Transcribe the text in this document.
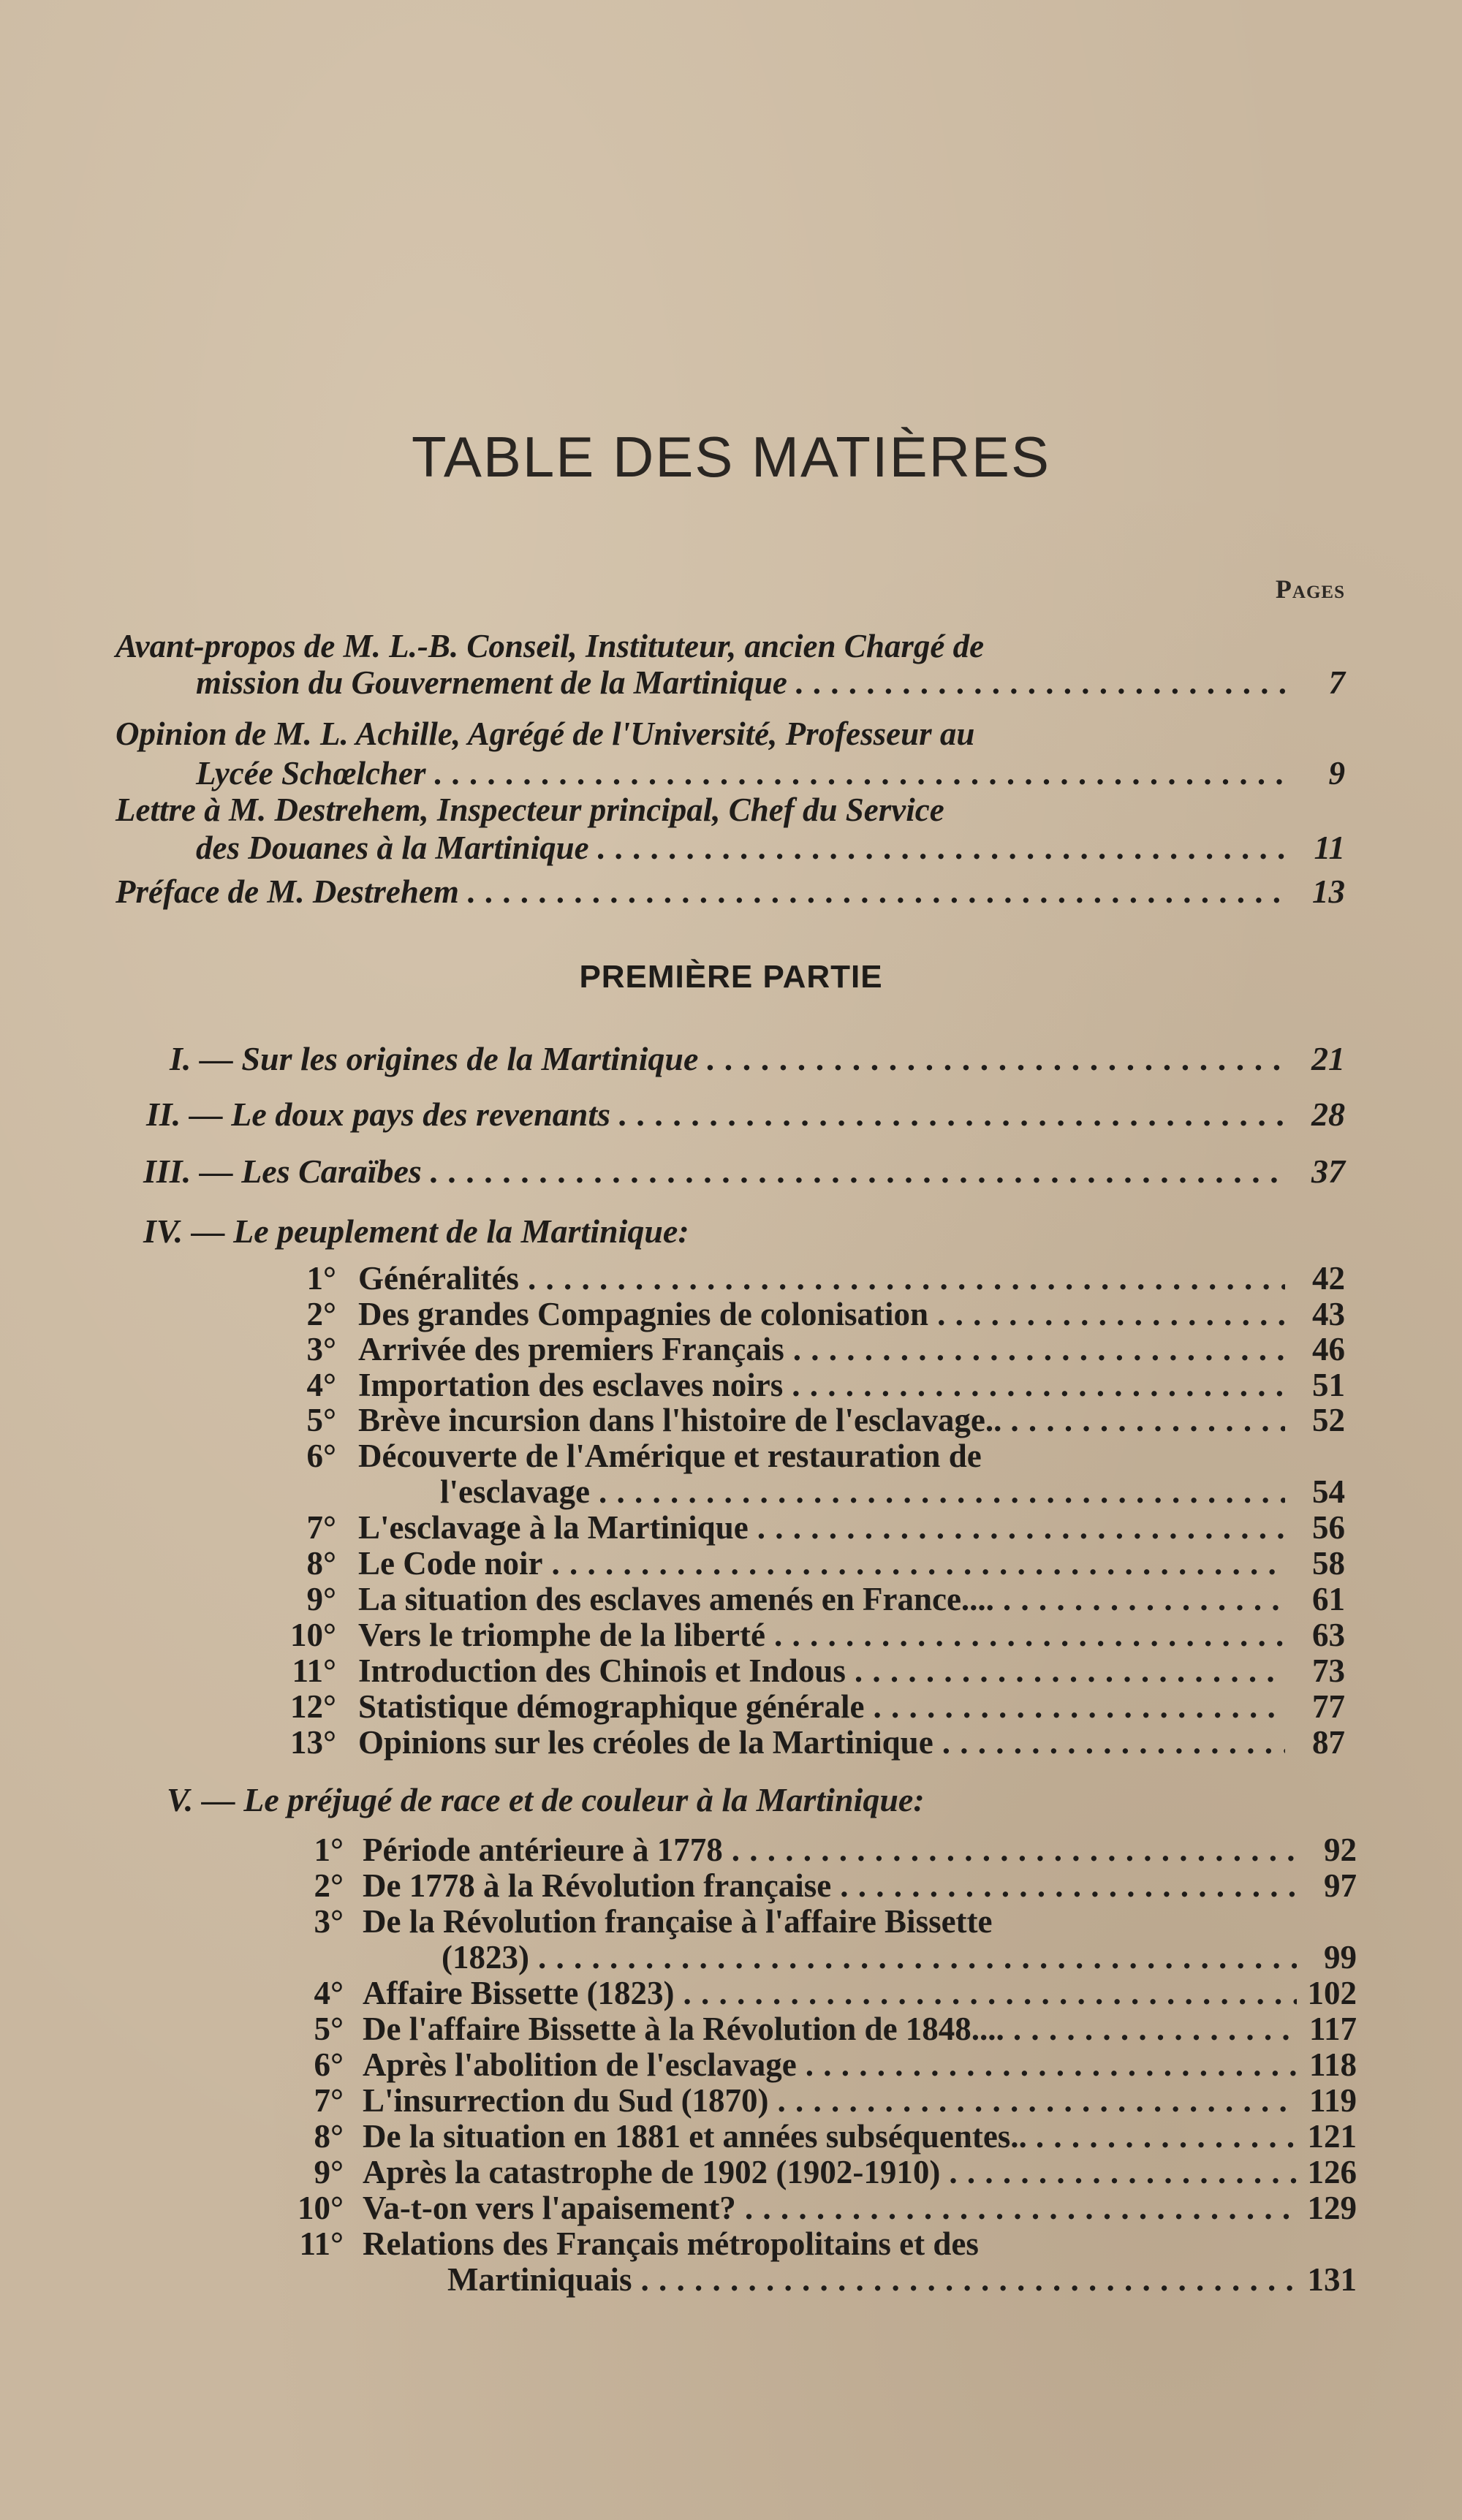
TABLE DES MATIÈRES
Pages
Avant-propos de M. L.-B. Conseil, Instituteur, ancien Chargé de
mission du Gouvernement de la Martinique . . .	7
Opinion de M. L. Achille, Agrégé de l'Université, Professeur au
Lycée Schœlcher . . .	9
Lettre à M. Destrehem, Inspecteur principal, Chef du Service
des Douanes à la Martinique . . .	11
Préface de M. Destrehem . . .	13
PREMIÈRE PARTIE
I. — Sur les origines de la Martinique . . .	21
II. — Le doux pays des revenants . . .	28
III. — Les Caraïbes . . .	37
IV. — Le peuplement de la Martinique:
1° Généralités . . .	42
2° Des grandes Compagnies de colonisation . . .	43
3° Arrivée des premiers Français . . .	46
4° Importation des esclaves noirs . . .	51
5° Brève incursion dans l'histoire de l'esclavage.. . . .	52
6° Découverte de l'Amérique et restauration de
l'esclavage . . .	54
7° L'esclavage à la Martinique . . .	56
8° Le Code noir . . .	58
9° La situation des esclaves amenés en France.... . . .	61
10° Vers le triomphe de la liberté . . .	63
11° Introduction des Chinois et Indous . . .	73
12° Statistique démographique générale . . .	77
13° Opinions sur les créoles de la Martinique . . .	87
V. — Le préjugé de race et de couleur à la Martinique:
1° Période antérieure à 1778 . . .	92
2° De 1778 à la Révolution française . . .	97
3° De la Révolution française à l'affaire Bissette
(1823) . . .	99
4° Affaire Bissette (1823) . . .	102
5° De l'affaire Bissette à la Révolution de 1848.... . . .	117
6° Après l'abolition de l'esclavage . . .	118
7° L'insurrection du Sud (1870) . . .	119
8° De la situation en 1881 et années subséquentes.. . . .	121
9° Après la catastrophe de 1902 (1902-1910) . . .	126
10° Va-t-on vers l'apaisement? . . .	129
11° Relations des Français métropolitains et des
Martiniquais . . .	131
